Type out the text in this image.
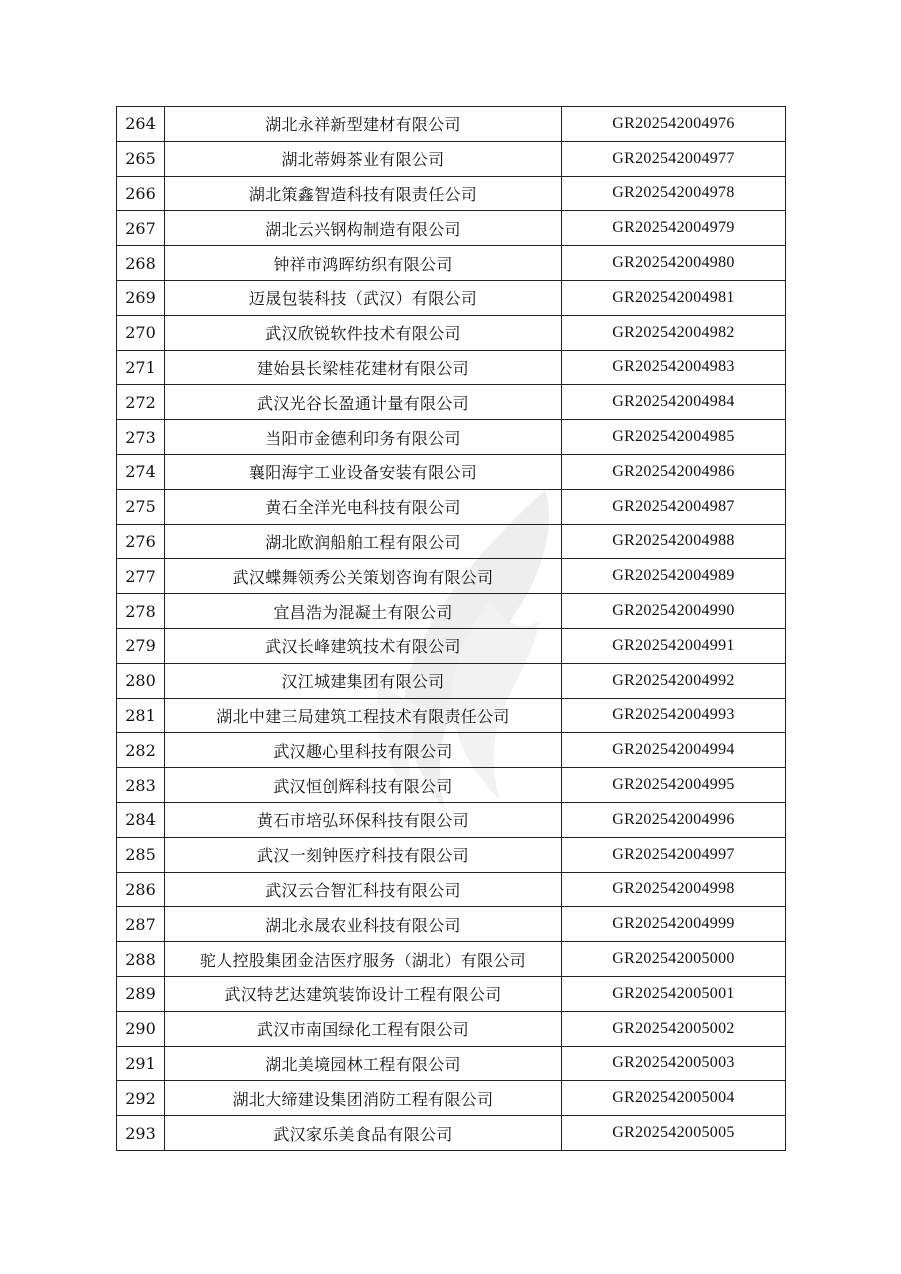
264	湖北永祥新型建材有限公司	GR202542004976
265	湖北蒂姆茶业有限公司	GR202542004977
266	湖北策鑫智造科技有限责任公司	GR202542004978
267	湖北云兴钢构制造有限公司	GR202542004979
268	钟祥市鸿晖纺织有限公司	GR202542004980
269	迈晟包装科技（武汉）有限公司	GR202542004981
270	武汉欣锐软件技术有限公司	GR202542004982
271	建始县长梁桂花建材有限公司	GR202542004983
272	武汉光谷长盈通计量有限公司	GR202542004984
273	当阳市金德利印务有限公司	GR202542004985
274	襄阳海宇工业设备安装有限公司	GR202542004986
275	黄石全洋光电科技有限公司	GR202542004987
276	湖北欧润船舶工程有限公司	GR202542004988
277	武汉蝶舞领秀公关策划咨询有限公司	GR202542004989
278	宜昌浩为混凝土有限公司	GR202542004990
279	武汉长峰建筑技术有限公司	GR202542004991
280	汉江城建集团有限公司	GR202542004992
281	湖北中建三局建筑工程技术有限责任公司	GR202542004993
282	武汉趣心里科技有限公司	GR202542004994
283	武汉恒创辉科技有限公司	GR202542004995
284	黄石市培弘环保科技有限公司	GR202542004996
285	武汉一刻钟医疗科技有限公司	GR202542004997
286	武汉云合智汇科技有限公司	GR202542004998
287	湖北永晟农业科技有限公司	GR202542004999
288	驼人控股集团金洁医疗服务（湖北）有限公司	GR202542005000
289	武汉特艺达建筑装饰设计工程有限公司	GR202542005001
290	武汉市南国绿化工程有限公司	GR202542005002
291	湖北美境园林工程有限公司	GR202542005003
292	湖北大缔建设集团消防工程有限公司	GR202542005004
293	武汉家乐美食品有限公司	GR202542005005
